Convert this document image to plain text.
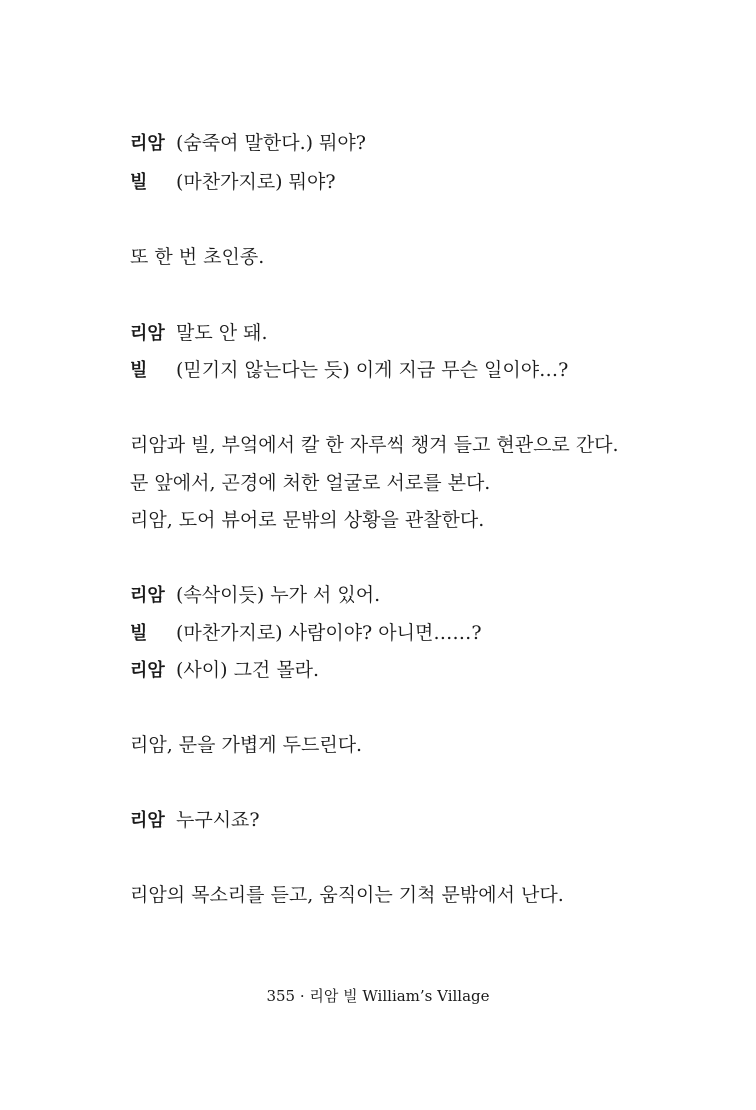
리암 (숨죽여 말한다.) 뭐야?
빌 (마찬가지로) 뭐야?
또 한 번 초인종.
리암 말도 안 돼.
빌 (믿기지 않는다는 듯) 이게 지금 무슨 일이야…?
리암과 빌, 부엌에서 칼 한 자루씩 챙겨 들고 현관으로 간다.
문 앞에서, 곤경에 처한 얼굴로 서로를 본다.
리암, 도어 뷰어로 문밖의 상황을 관찰한다.
리암 (속삭이듯) 누가 서 있어.
빌 (마찬가지로) 사람이야? 아니면……?
리암 (사이) 그건 몰라.
리암, 문을 가볍게 두드린다.
리암 누구시죠?
리암의 목소리를 듣고, 움직이는 기척 문밖에서 난다.
355 · 리암 빌 William’s Village
